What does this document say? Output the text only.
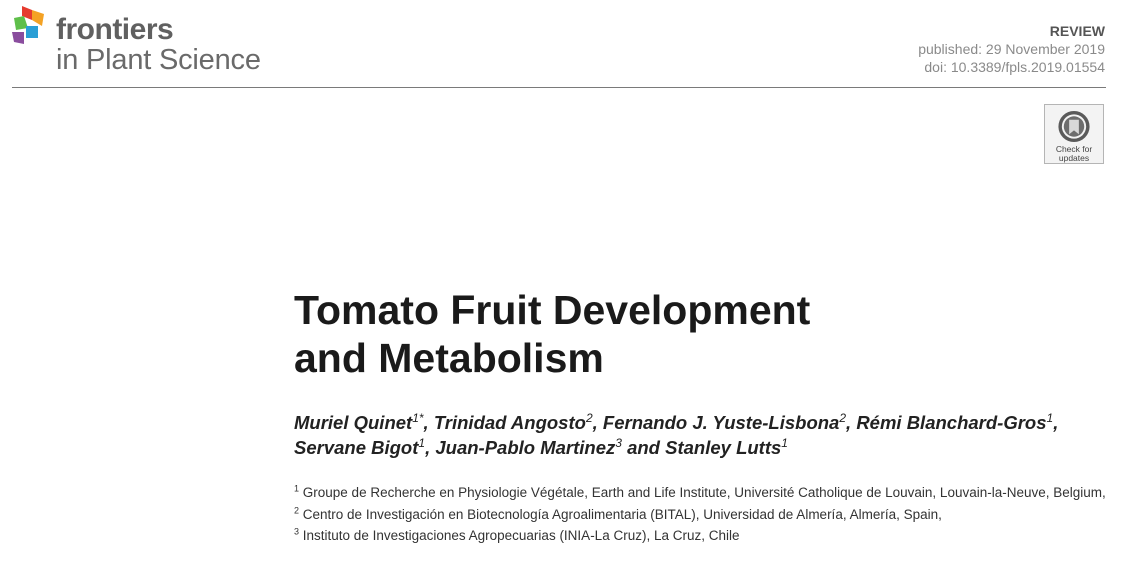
frontiers
in Plant Science
REVIEW
published: 29 November 2019
doi: 10.3389/fpls.2019.01554
Check for
updates
Tomato Fruit Development
and Metabolism
Muriel Quinet$^{1*}$, Trinidad Angosto$^2$, Fernando J. Yuste-Lisbona$^2$, Rémi Blanchard-Gros$^1$,
Servane Bigot$^1$, Juan-Pablo Martinez$^3$ and Stanley Lutts$^1$
$^1$ Groupe de Recherche en Physiologie Végétale, Earth and Life Institute, Université Catholique de Louvain, Louvain-la-Neuve, Belgium, $^2$ Centro de Investigación en Biotecnología Agroalimentaria (BITAL), Universidad de Almería, Almería, Spain,
$^3$ Instituto de Investigaciones Agropecuarias (INIA-La Cruz), La Cruz, Chile
